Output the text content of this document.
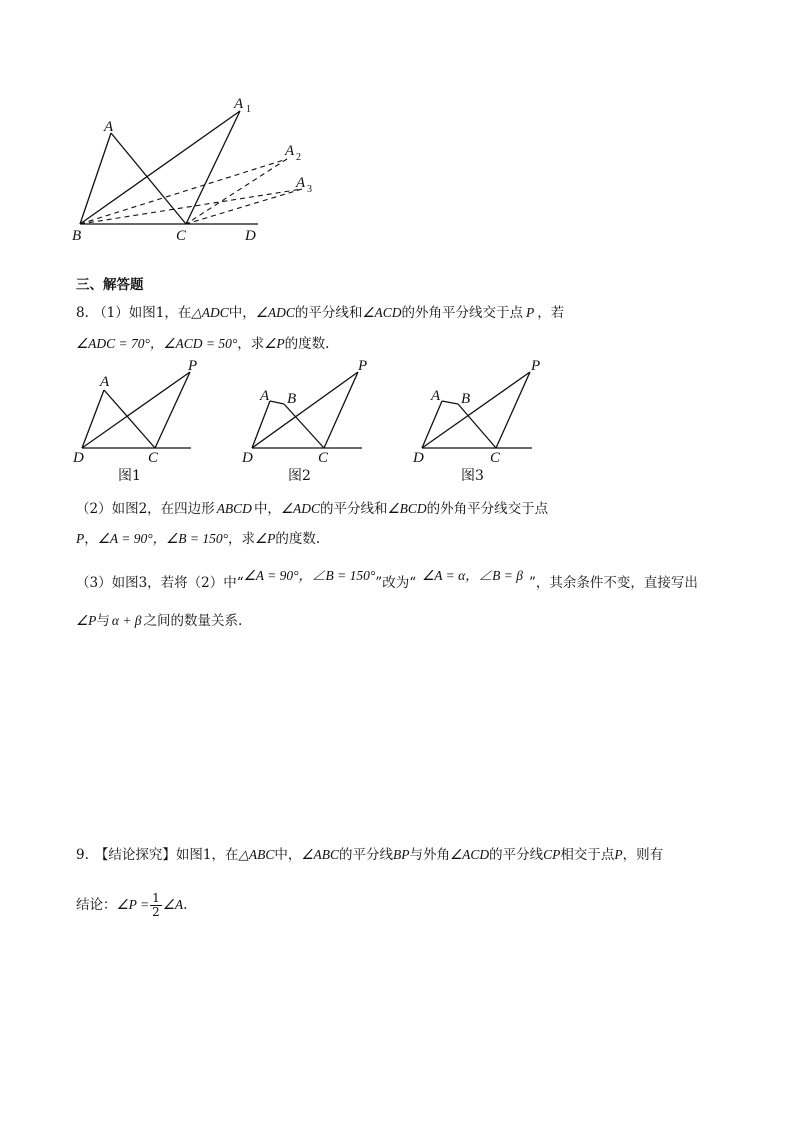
A
A 1
A 2
A 3
B	C	D
三、解答题
8. （1）如图1，在△ADC中，∠ADC的平分线和∠ACD的外角平分线交于点 P ，若
∠ADC = 70°，∠ACD = 50°，求∠P的度数.
A
P
D	C
图1
A B
P
D	C
图2
A B
P
D	C
图3
（2）如图2，在四边形 ABCD 中，∠ADC的平分线和∠BCD的外角平分线交于点
P，∠A = 90°，∠B = 150°，求∠P的度数.
（3）如图3，若将（2）中“∠A = 90°，∠B = 150°”改为“ ∠A = α，∠B = β ”，其余条件不变，直接写出
∠P与 α + β 之间的数量关系.
9. 【结论探究】如图1，在△ABC中，∠ABC的平分线BP与外角∠ACD的平分线CP相交于点P，则有
结论：∠P = $\frac{1}{2}$ ∠A.
